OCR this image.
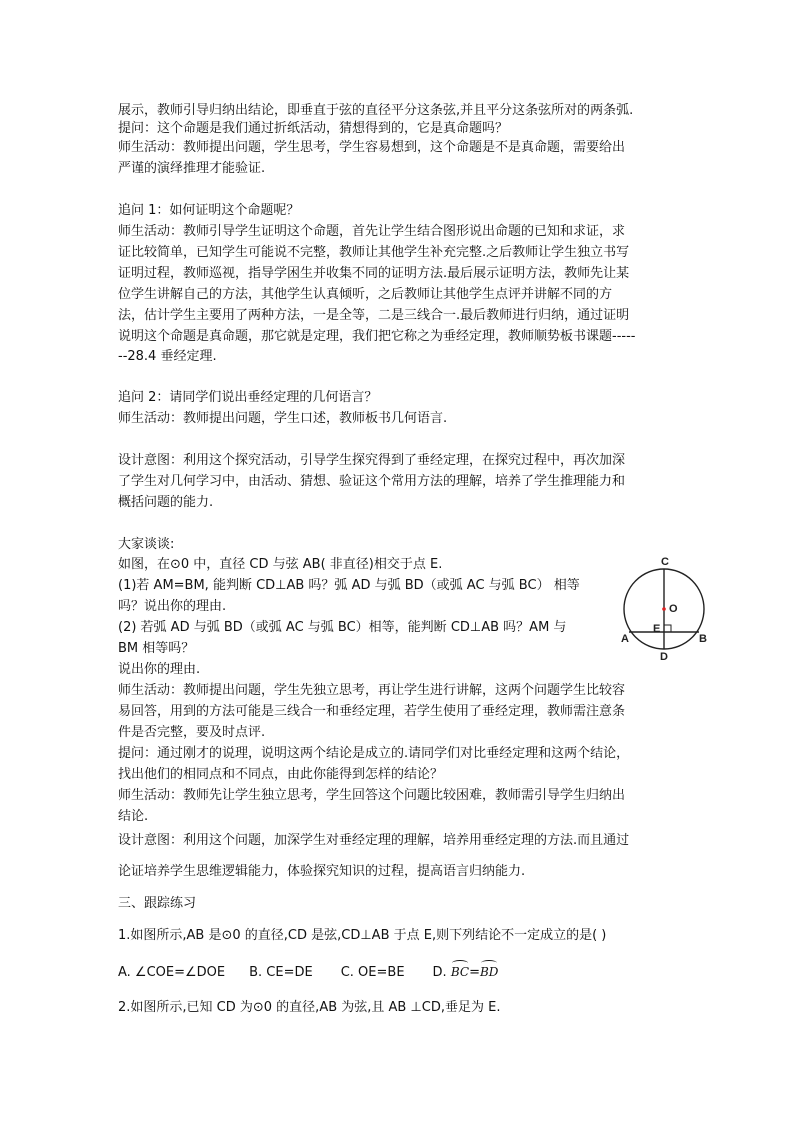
展示，教师引导归纳出结论，即垂直于弦的直径平分这条弦,并且平分这条弦所对的两条弧.
提问：这个命题是我们通过折纸活动，猜想得到的，它是真命题吗？
师生活动：教师提出问题，学生思考，学生容易想到，这个命题是不是真命题，需要给出
严谨的演绎推理才能验证.
追问 1：如何证明这个命题呢？
师生活动：教师引导学生证明这个命题，首先让学生结合图形说出命题的已知和求证，求
证比较简单，已知学生可能说不完整，教师让其他学生补充完整.之后教师让学生独立书写
证明过程，教师巡视，指导学困生并收集不同的证明方法.最后展示证明方法，教师先让某
位学生讲解自己的方法，其他学生认真倾听，之后教师让其他学生点评并讲解不同的方
法，估计学生主要用了两种方法，一是全等，二是三线合一.最后教师进行归纳，通过证明
说明这个命题是真命题，那它就是定理，我们把它称之为垂经定理，教师顺势板书课题-----
--28.4 垂经定理.
追问 2：请同学们说出垂经定理的几何语言？
师生活动：教师提出问题，学生口述，教师板书几何语言.
设计意图：利用这个探究活动，引导学生探究得到了垂经定理，在探究过程中，再次加深
了学生对几何学习中，由活动、猜想、验证这个常用方法的理解，培养了学生推理能力和
概括问题的能力.
大家谈谈:
如图，在⊙0 中，直径 CD 与弦 AB( 非直径)相交于点 E.
(1)若 AM=BM, 能判断 CD⊥AB 吗？弧 AD 与弧 BD（或弧 AC 与弧 BC） 相等
吗？说出你的理由.
(2) 若弧 AD 与弧 BD（或弧 AC 与弧 BC）相等，能判断 CD⊥AB 吗？AM 与
BM 相等吗？
说出你的理由.
师生活动：教师提出问题，学生先独立思考，再让学生进行讲解，这两个问题学生比较容
易回答，用到的方法可能是三线合一和垂经定理，若学生使用了垂经定理，教师需注意条
件是否完整，要及时点评.
提问：通过刚才的说理，说明这两个结论是成立的.请同学们对比垂经定理和这两个结论，
找出他们的相同点和不同点，由此你能得到怎样的结论？
师生活动：教师先让学生独立思考，学生回答这个问题比较困难，教师需引导学生归纳出
结论.
设计意图：利用这个问题，加深学生对垂经定理的理解，培养用垂经定理的方法.而且通过
论证培养学生思维逻辑能力，体验探究知识的过程，提高语言归纳能力.
三、跟踪练习
1.如图所示,AB 是⊙0 的直径,CD 是弦,CD⊥AB 于点 E,则下列结论不一定成立的是( )
A. ∠COE=∠DOE B. CE=DE C. OE=BE D. BC=BD
2.如图所示,已知 CD 为⊙0 的直径,AB 为弦,且 AB ⊥CD,垂足为 E.
C
O
E
A	B
D
